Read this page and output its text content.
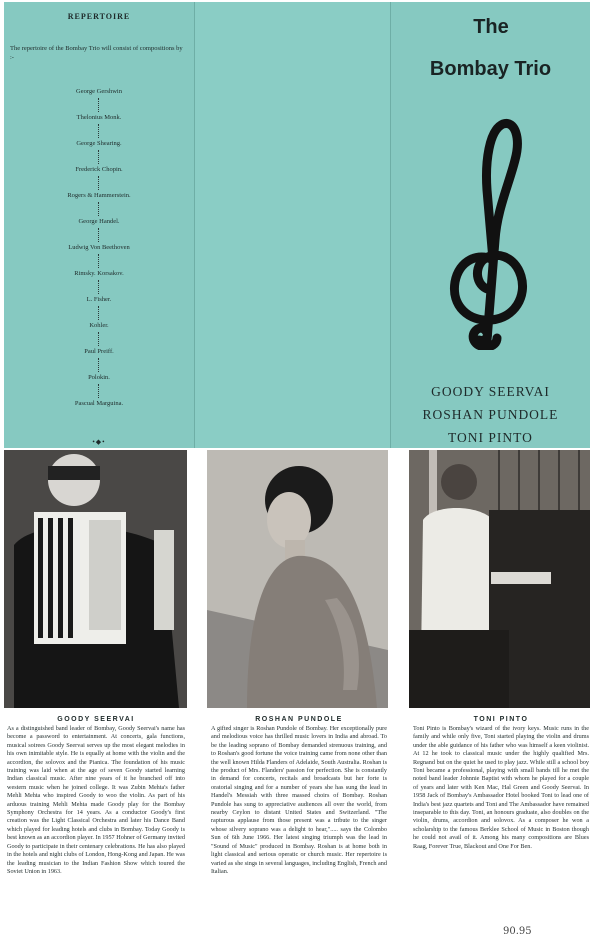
REPERTOIRE
The repertoire of the Bombay Trio will consist of compositions by :-
George Gershwin
Thelonius Monk.
George Shearing.
Frederick Chopin.
Rogers & Hammerstein.
George Handel.
Ludwig Von Beethoven
Rimsky. Korsakov.
L. Fisher.
Kohler.
Paul Preiff.
Polokin.
Pascual Marguina.
•◆•
The
Bombay Trio
GOODY SEERVAI
ROSHAN PUNDOLE
TONI PINTO
GOODY SEERVAI

As a distinguished band leader of Bombay, Goody Seervai's name has become a password to entertainment. At concerts, gala functions, musical soirees Goody Seervai serves up the most elegant melodies in his own inimitable style. He is equally at home with the violin and the accordion, the solovox and the Pianica. The foundation of his music training was laid when at the age of seven Goody started learning Indian classical music. After nine years of it he branched off into western music when he joined college. It was Zubin Mehta's father Mehli Mehta who inspired Goody to woo the violin. As part of his arduous training Mehli Mehta made Goody play for the Bombay Symphony Orchestra for 14 years. As a conductor Goody's first creation was the Light Classical Orchestra and later his Dance Band which played for leading hotels and clubs in Bombay. Today Goody is best known as an accordion player. In 1957 Hohner of Germany invited Goody to participate in their centenary celebrations. He has also played in the hotels and night clubs of London, Hong-Kong and Japan. He was the leading musician to the Indian Fashion Show which toured the Soviet Union in 1963.

ROSHAN PUNDOLE

A gifted singer is Roshan Pundole of Bombay. Her exceptionally pure and melodious voice has thrilled music lovers in India and abroad. To be the leading soprano of Bombay demanded strenuous training, and to Roshan's good fortune the voice training came from none other than the well known Hilda Flanders of Adelaide, South Australia. Roshan is the product of Mrs. Flanders' passion for perfection. She is constantly in demand for concerts, recitals and broadcasts but her forte is oratorial singing and for a number of years she has sung the lead in Handel's Messiah with three massed choirs of Bombay. Roshan Pundole has sung to appreciative audiences all over the world, from nearby Ceylon to distant United States and Switzerland. "The rapturous applause from those present was a tribute to the singer whose silvery soprano was a delight to hear,"..... says the Colombo Sun of 6th June 1966. Her latest singing triumph was the lead in "Sound of Music" produced in Bombay. Roshan is at home both in light classical and serious operatic or church music. Her repertoire is varied as she sings in several languages, including English, French and Italian.

TONI PINTO

Toni Pinto is Bombay's wizard of the ivory keys. Music runs in the family and while only five, Toni started playing the violin and drums under the able guidance of his father who was himself a keen violinist. At 12 he took to classical music under the highly qualified Mrs. Regnand but on the quiet he used to play jazz. While still a school boy Toni became a professional, playing with small bands till he met the noted band leader Johnnie Baptist with whom he played for a couple of years and later with Ken Mac, Hal Green and Goody Seervai. In 1958 Jack of Bombay's Ambassador Hotel booked Toni to lead one of India's best jazz quartets and Toni and The Ambassador have remained inseparable to this day. Toni, an honours graduate, also doubles on the violin, drums, accordion and solovox. As a composer he won a scholarship to the famous Berklee School of Music in Boston though he could not avail of it. Among his many compositions are Blues Raag, Forever True, Blackout and One For Ben.

90.95
